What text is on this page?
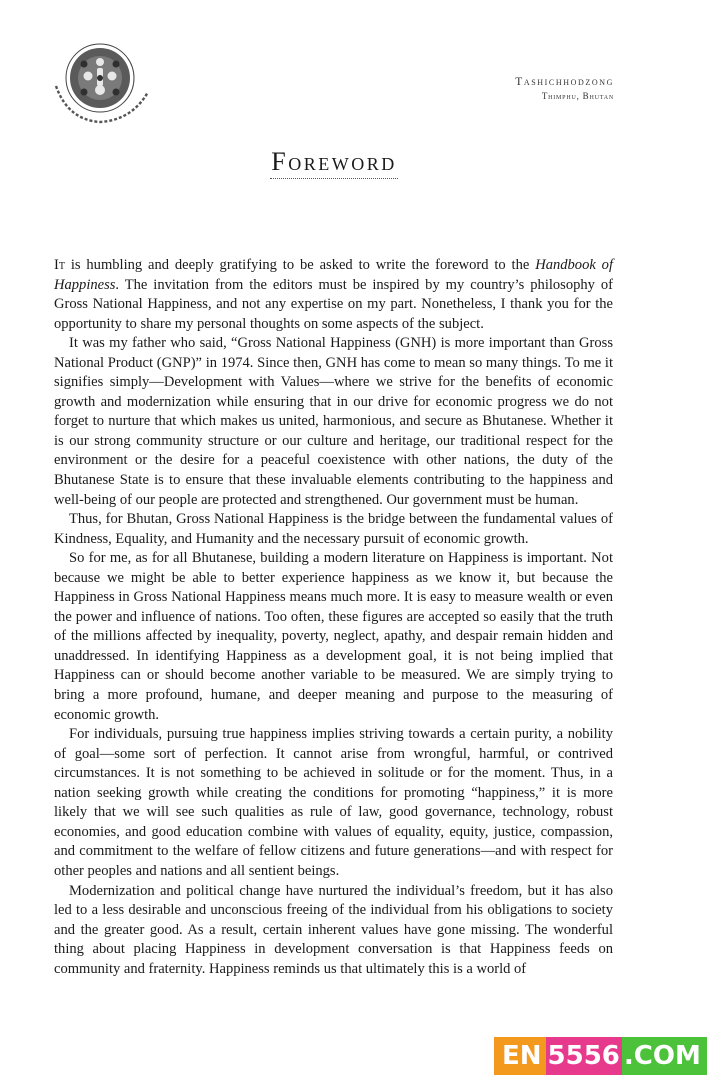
Tashichhodzong
Thimphu, Bhutan
Foreword

It is humbling and deeply gratifying to be asked to write the foreword to the Handbook of Happiness. The invitation from the editors must be inspired by my country’s philosophy of Gross National Happiness, and not any expertise on my part. Nonetheless, I thank you for the opportunity to share my personal thoughts on some aspects of the subject.

It was my father who said, “Gross National Happiness (GNH) is more important than Gross National Product (GNP)” in 1974. Since then, GNH has come to mean so many things. To me it signifies simply—Development with Values—where we strive for the benefits of economic growth and modernization while ensuring that in our drive for economic progress we do not forget to nurture that which makes us united, harmonious, and secure as Bhutanese. Whether it is our strong community structure or our culture and heritage, our traditional respect for the environment or the desire for a peaceful coexistence with other nations, the duty of the Bhutanese State is to ensure that these invaluable elements contributing to the happiness and well-being of our people are protected and strengthened. Our government must be human.

Thus, for Bhutan, Gross National Happiness is the bridge between the fundamental values of Kindness, Equality, and Humanity and the necessary pursuit of economic growth.

So for me, as for all Bhutanese, building a modern literature on Happiness is important. Not because we might be able to better experience happiness as we know it, but because the Happiness in Gross National Happiness means much more. It is easy to measure wealth or even the power and influence of nations. Too often, these figures are accepted so easily that the truth of the millions affected by inequality, poverty, neglect, apathy, and despair remain hidden and unaddressed. In identifying Happiness as a development goal, it is not being implied that Happiness can or should become another variable to be measured. We are simply trying to bring a more profound, humane, and deeper meaning and purpose to the measuring of economic growth.

For individuals, pursuing true happiness implies striving towards a certain purity, a nobility of goal—some sort of perfection. It cannot arise from wrongful, harmful, or contrived circumstances. It is not something to be achieved in solitude or for the moment. Thus, in a nation seeking growth while creating the conditions for promoting “happiness,” it is more likely that we will see such qualities as rule of law, good governance, technology, robust economies, and good education combine with values of equality, equity, justice, compassion, and commitment to the welfare of fellow citizens and future generations—and with respect for other peoples and nations and all sentient beings.

Modernization and political change have nurtured the individual’s freedom, but it has also led to a less desirable and unconscious freeing of the individual from his obligations to society and the greater good. As a result, certain inherent values have gone missing. The wonderful thing about placing Happiness in development conversation is that Happiness feeds on community and fraternity. Happiness reminds us that ultimately this is a world of

EN 5556 .COM
